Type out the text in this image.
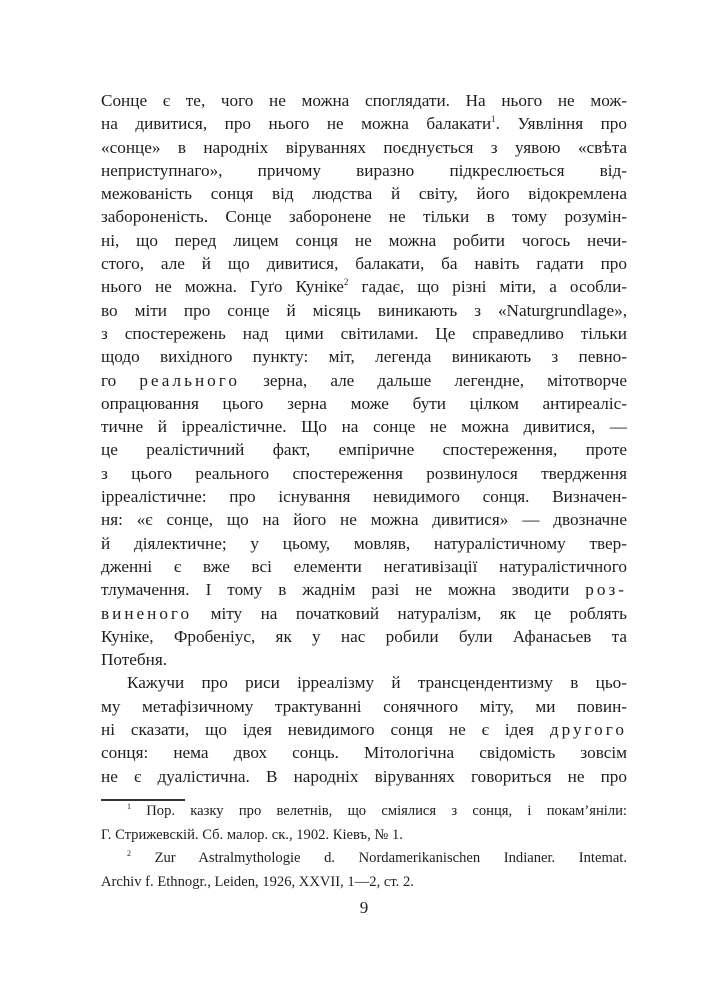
Сонце є те, чого не можна споглядати. На нього не мож-
на дивитися, про нього не можна балакати$^1$. Уявління про
«сонце» в народніх віруваннях поєднується з уявою «свѣта
неприступнаго», причому виразно підкреслюється від-
межованість сонця від людства й світу, його відокремлена
забороненість. Сонце заборонене не тільки в тому розумін-
ні, що перед лицем сонця не можна робити чогось нечи-
стого, але й що дивитися, балакати, ба навіть гадати про
нього не можна. Гуґо Куніке$^2$ гадає, що різні міти, а особли-
во міти про сонце й місяць виникають з «Naturgrundlage»,
з спостережень над цими світилами. Це справедливо тільки
щодо вихідного пункту: міт, легенда виникають з певно-
го реального зерна, але дальше легендне, мітотворче
опрацювання цього зерна може бути цілком антиреаліс-
тичне й ірреалістичне. Що на сонце не можна дивитися, —
це реалістичний факт, емпіричне спостереження, проте
з цього реального спостереження розвинулося твердження
ірреалістичне: про існування невидимого сонця. Визначен-
ня: «є сонце, що на його не можна дивитися» — двозначне
й діялектичне; у цьому, мовляв, натуралістичному твер-
дженні є вже всі елементи негативізації натуралістичного
тлумачення. І тому в жаднім разі не можна зводити роз-
виненого міту на початковий натуралізм, як це роблять
Куніке, Фробеніус, як у нас робили були Афанасьев та
Потебня.
Кажучи про риси ірреалізму й трансцендентизму в цьо-
му метафізичному трактуванні сонячного міту, ми повин-
ні сказати, що ідея невидимого сонця не є ідея другого
сонця: нема двох сонць. Мітологічна свідомість зовсім
не є дуалістична. В народніх віруваннях говориться не про
$^1$ Пор. казку про велетнів, що сміялися з сонця, і покам’яніли:
Г. Стрижевскій. Сб. малор. ск., 1902. Кіевъ, № 1.
$^2$ Zur Astralmythologie d. Nordamerikanischen Indianer. Intemat.
Archiv f. Ethnogr., Leiden, 1926, XXVII, 1—2, ст. 2.
9
